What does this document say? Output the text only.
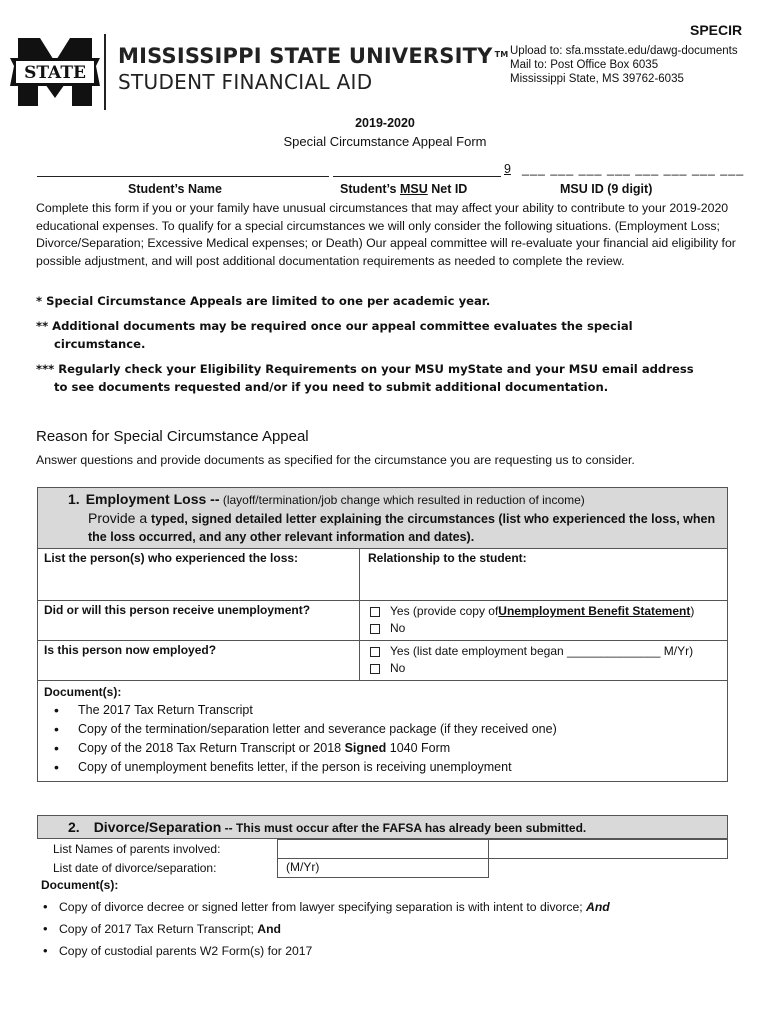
SPECIR
STATE
MISSISSIPPI STATE UNIVERSITY ™
STUDENT FINANCIAL AID
Upload to: sfa.msstate.edu/dawg-documents
Mail to: Post Office Box 6035
Mississippi State, MS 39762-6035
2019-2020
Special Circumstance Appeal Form
9 ___ ___ ___ ___ ___ ___ ___ ___
Student’s Name	Student’s MSU Net ID	MSU ID (9 digit)
Complete this form if you or your family have unusual circumstances that may affect your ability to contribute to your 2019-2020 educational expenses. To qualify for a special circumstances we will only consider the following situations. (Employment Loss; Divorce/Separation; Excessive Medical expenses; or Death) Our appeal committee will re-evaluate your financial aid eligibility for possible adjustment, and will post additional documentation requirements as needed to complete the review.
* Special Circumstance Appeals are limited to one per academic year.
** Additional documents may be required once our appeal committee evaluates the special
circumstance.
*** Regularly check your Eligibility Requirements on your MSU myState and your MSU email address
to see documents requested and/or if you need to submit additional documentation.
Reason for Special Circumstance Appeal
Answer questions and provide documents as specified for the circumstance you are requesting us to consider.
1. Employment Loss -- (layoff/termination/job change which resulted in reduction of income)
Provide a typed, signed detailed letter explaining the circumstances (list who experienced the loss, when the loss occurred, and any other relevant information and dates).
List the person(s) who experienced the loss:	Relationship to the student:
Did or will this person receive unemployment?	Yes (provide copy of Unemployment Benefit Statement )
No
Is this person now employed?	Yes (list date employment began ______________ M/Yr)
No
Document(s):
• The 2017 Tax Return Transcript
• Copy of the termination/separation letter and severance package (if they received one)
• Copy of the 2018 Tax Return Transcript or 2018 Signed 1040 Form
• Copy of unemployment benefits letter, if the person is receiving unemployment
2. Divorce/Separation -- This must occur after the FAFSA has already been submitted.
List Names of parents involved:
List date of divorce/separation:	(M/Yr)
Document(s):
• Copy of divorce decree or signed letter from lawyer specifying separation is with intent to divorce; And
• Copy of 2017 Tax Return Transcript; And
• Copy of custodial parents W2 Form(s) for 2017
